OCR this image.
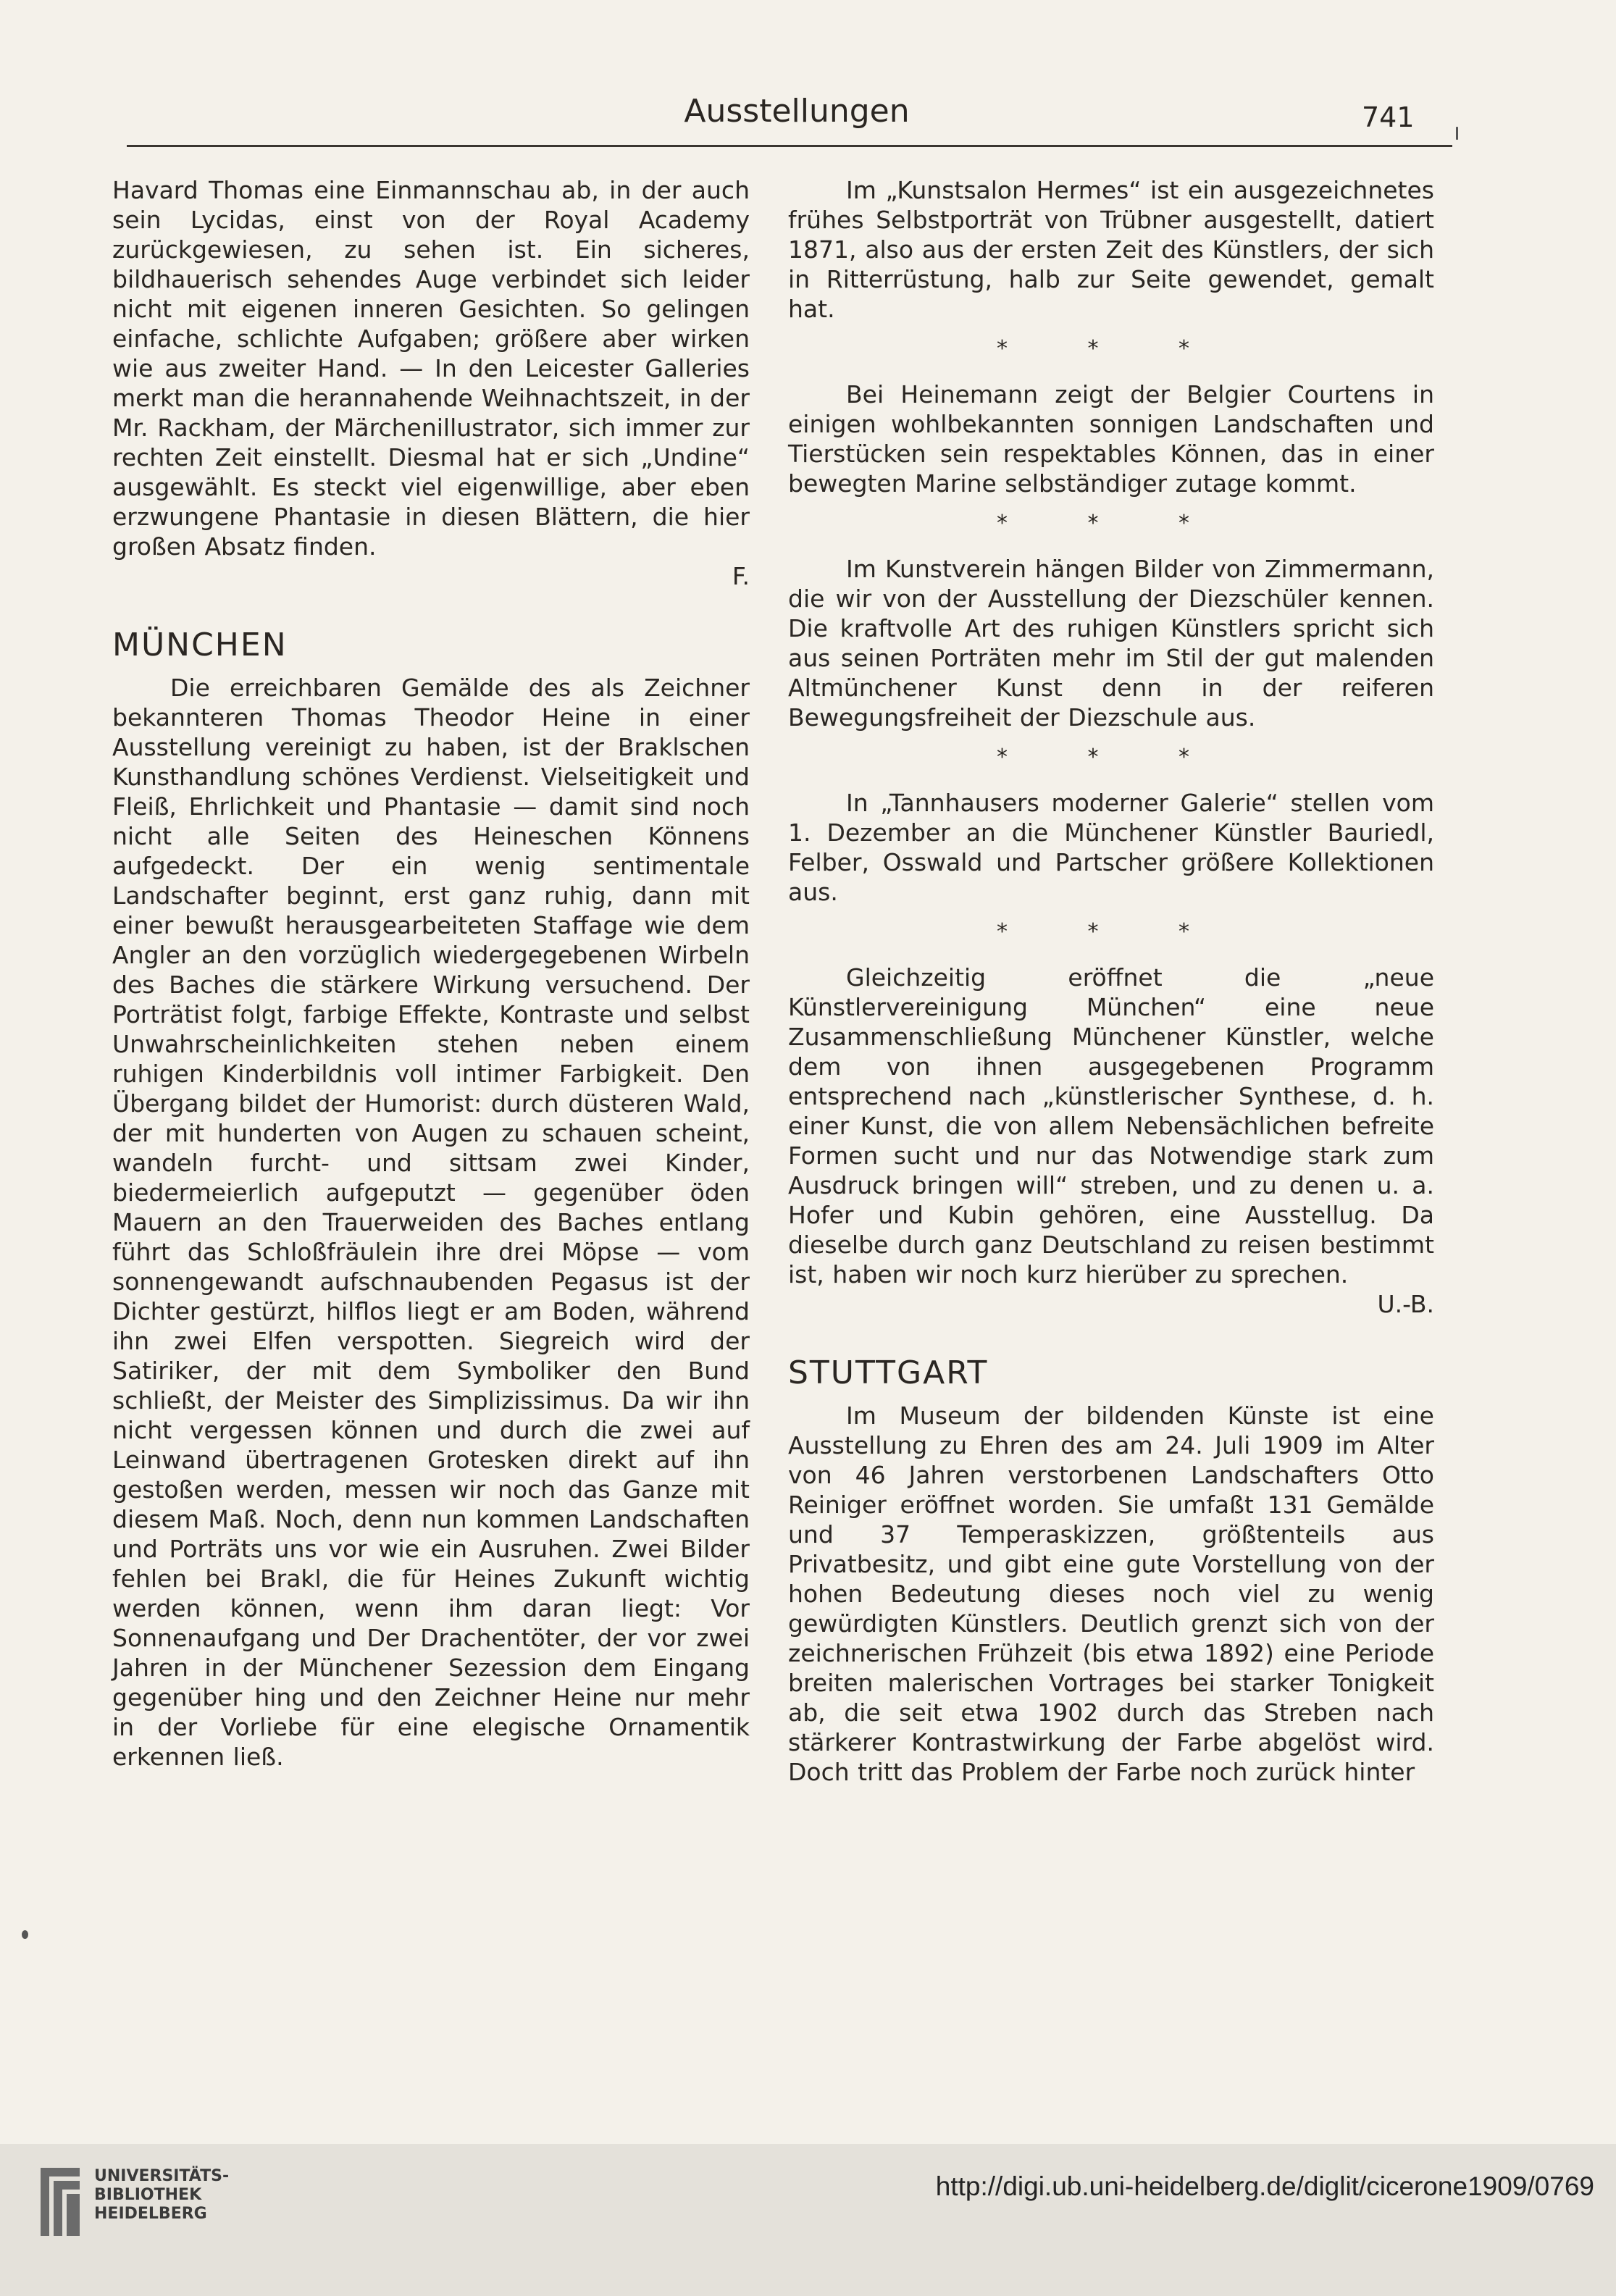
Ausstellungen	741

Havard Thomas eine Einmannschau ab, in der auch sein Lycidas, einst von der Royal Academy zurückgewiesen, zu sehen ist. Ein sicheres, bildhauerisch sehendes Auge verbindet sich leider nicht mit eigenen inneren Gesichten. So gelingen einfache, schlichte Aufgaben; größere aber wirken wie aus zweiter Hand. — In den Leicester Galleries merkt man die herannahende Weihnachtszeit, in der Mr. Rackham, der Märchenillustrator, sich immer zur rechten Zeit einstellt. Diesmal hat er sich „Undine“ ausgewählt. Es steckt viel eigenwillige, aber eben erzwungene Phantasie in diesen Blättern, die hier großen Absatz finden.

F.

MÜNCHEN

Die erreichbaren Gemälde des als Zeichner bekannteren Thomas Theodor Heine in einer Ausstellung vereinigt zu haben, ist der Braklschen Kunsthandlung schönes Verdienst. Vielseitigkeit und Fleiß, Ehrlichkeit und Phantasie — damit sind noch nicht alle Seiten des Heineschen Könnens aufgedeckt. Der ein wenig sentimentale Landschafter beginnt, erst ganz ruhig, dann mit einer bewußt herausgearbeiteten Staffage wie dem Angler an den vorzüglich wiedergegebenen Wirbeln des Baches die stärkere Wirkung versuchend. Der Porträtist folgt, farbige Effekte, Kontraste und selbst Unwahrscheinlichkeiten stehen neben einem ruhigen Kinderbildnis voll intimer Farbigkeit. Den Übergang bildet der Humorist: durch düsteren Wald, der mit hunderten von Augen zu schauen scheint, wandeln furcht- und sittsam zwei Kinder, biedermeierlich aufgeputzt — gegenüber öden Mauern an den Trauerweiden des Baches entlang führt das Schloßfräulein ihre drei Möpse — vom sonnengewandt aufschnaubenden Pegasus ist der Dichter gestürzt, hilflos liegt er am Boden, während ihn zwei Elfen verspotten. Siegreich wird der Satiriker, der mit dem Symboliker den Bund schließt, der Meister des Simplizissimus. Da wir ihn nicht vergessen können und durch die zwei auf Leinwand übertragenen Grotesken direkt auf ihn gestoßen werden, messen wir noch das Ganze mit diesem Maß. Noch, denn nun kommen Landschaften und Porträts uns vor wie ein Ausruhen. Zwei Bilder fehlen bei Brakl, die für Heines Zukunft wichtig werden können, wenn ihm daran liegt: Vor Sonnenaufgang und Der Drachentöter, der vor zwei Jahren in der Münchener Sezession dem Eingang gegenüber hing und den Zeichner Heine nur mehr in der Vorliebe für eine elegische Ornamentik erkennen ließ.

Im „Kunstsalon Hermes“ ist ein ausgezeichnetes frühes Selbstporträt von Trübner ausgestellt, datiert 1871, also aus der ersten Zeit des Künstlers, der sich in Ritterrüstung, halb zur Seite gewendet, gemalt hat.

* * *

Bei Heinemann zeigt der Belgier Courtens in einigen wohlbekannten sonnigen Landschaften und Tierstücken sein respektables Können, das in einer bewegten Marine selbständiger zutage kommt.

* * *

Im Kunstverein hängen Bilder von Zimmermann, die wir von der Ausstellung der Diezschüler kennen. Die kraftvolle Art des ruhigen Künstlers spricht sich aus seinen Porträten mehr im Stil der gut malenden Altmünchener Kunst denn in der reiferen Bewegungsfreiheit der Diezschule aus.

* * *

In „Tannhausers moderner Galerie“ stellen vom 1. Dezember an die Münchener Künstler Bauriedl, Felber, Osswald und Partscher größere Kollektionen aus.

* * *

Gleichzeitig eröffnet die „neue Künstlervereinigung München“ eine neue Zusammenschließung Münchener Künstler, welche dem von ihnen ausgegebenen Programm entsprechend nach „künstlerischer Synthese, d. h. einer Kunst, die von allem Nebensächlichen befreite Formen sucht und nur das Notwendige stark zum Ausdruck bringen will“ streben, und zu denen u. a. Hofer und Kubin gehören, eine Ausstellug. Da dieselbe durch ganz Deutschland zu reisen bestimmt ist, haben wir noch kurz hierüber zu sprechen.

U.-B.

STUTTGART

Im Museum der bildenden Künste ist eine Ausstellung zu Ehren des am 24. Juli 1909 im Alter von 46 Jahren verstorbenen Landschafters Otto Reiniger eröffnet worden. Sie umfaßt 131 Gemälde und 37 Temperaskizzen, größtenteils aus Privatbesitz, und gibt eine gute Vorstellung von der hohen Bedeutung dieses noch viel zu wenig gewürdigten Künstlers. Deutlich grenzt sich von der zeichnerischen Frühzeit (bis etwa 1892) eine Periode breiten malerischen Vortrages bei starker Tonigkeit ab, die seit etwa 1902 durch das Streben nach stärkerer Kontrastwirkung der Farbe abgelöst wird. Doch tritt das Problem der Farbe noch zurück hinter

UNIVERSITÄTS-
BIBLIOTHEK
HEIDELBERG
http://digi.ub.uni-heidelberg.de/diglit/cicerone1909/0769
